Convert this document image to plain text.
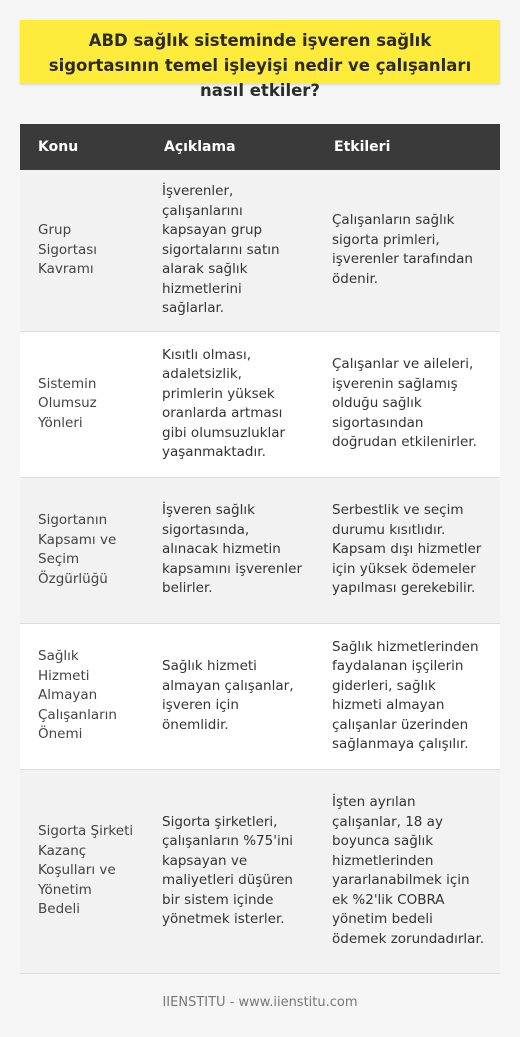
ABD sağlık sisteminde işveren sağlık sigortasının temel işleyişi nedir ve çalışanları nasıl etkiler?
Konu	Açıklama	Etkileri
Grup Sigortası Kavramı	İşverenler, çalışanlarını kapsayan grup sigortalarını satın alarak sağlık hizmetlerini sağlarlar.	Çalışanların sağlık sigorta primleri, işverenler tarafından ödenir.
Sistemin Olumsuz Yönleri	Kısıtlı olması, adaletsizlik, primlerin yüksek oranlarda artması gibi olumsuzluklar yaşanmaktadır.	Çalışanlar ve aileleri, işverenin sağlamış olduğu sağlık sigortasından doğrudan etkilenirler.
Sigortanın Kapsamı ve Seçim Özgürlüğü	İşveren sağlık sigortasında, alınacak hizmetin kapsamını işverenler belirler.	Serbestlik ve seçim durumu kısıtlıdır. Kapsam dışı hizmetler için yüksek ödemeler yapılması gerekebilir.
Sağlık Hizmeti Almayan Çalışanların Önemi	Sağlık hizmeti almayan çalışanlar, işveren için önemlidir.	Sağlık hizmetlerinden faydalanan işçilerin giderleri, sağlık hizmeti almayan çalışanlar üzerinden sağlanmaya çalışılır.
Sigorta Şirketi Kazanç Koşulları ve Yönetim Bedeli	Sigorta şirketleri, çalışanların %75'ini kapsayan ve maliyetleri düşüren bir sistem içinde yönetmek isterler.	İşten ayrılan çalışanlar, 18 ay boyunca sağlık hizmetlerinden yararlanabilmek için ek %2'lik COBRA yönetim bedeli ödemek zorundadırlar.
IIENSTITU - www.iienstitu.com
